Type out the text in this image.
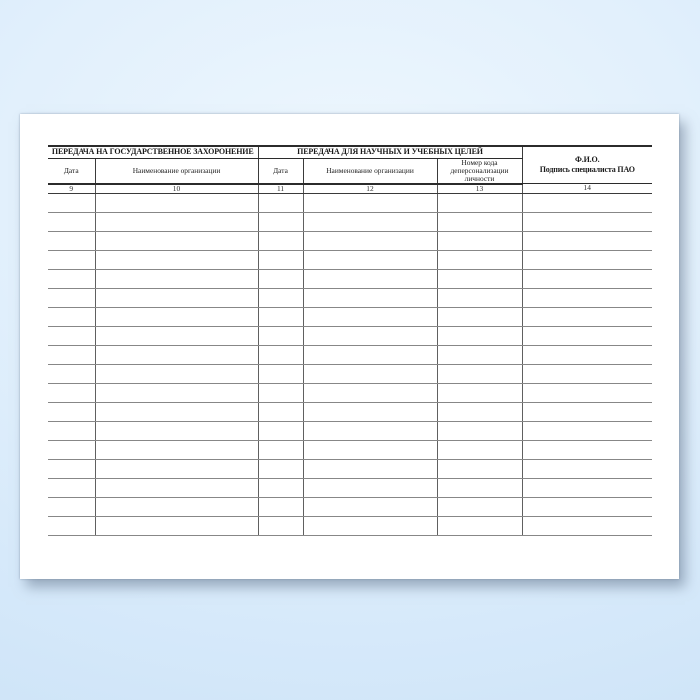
ПЕРЕДАЧА НА ГОСУДАРСТВЕННОЕ ЗАХОРОНЕНИЕ		ПЕРЕДАЧА ДЛЯ НАУЧНЫХ И УЧЕБНЫХ ЦЕЛЕЙ			Ф.И.О.
Подпись специалиста ПАО
Дата	Наименование организации	Дата	Наименование организации	Номер кода деперсонализации личности	
9	10	11	12	13	14
